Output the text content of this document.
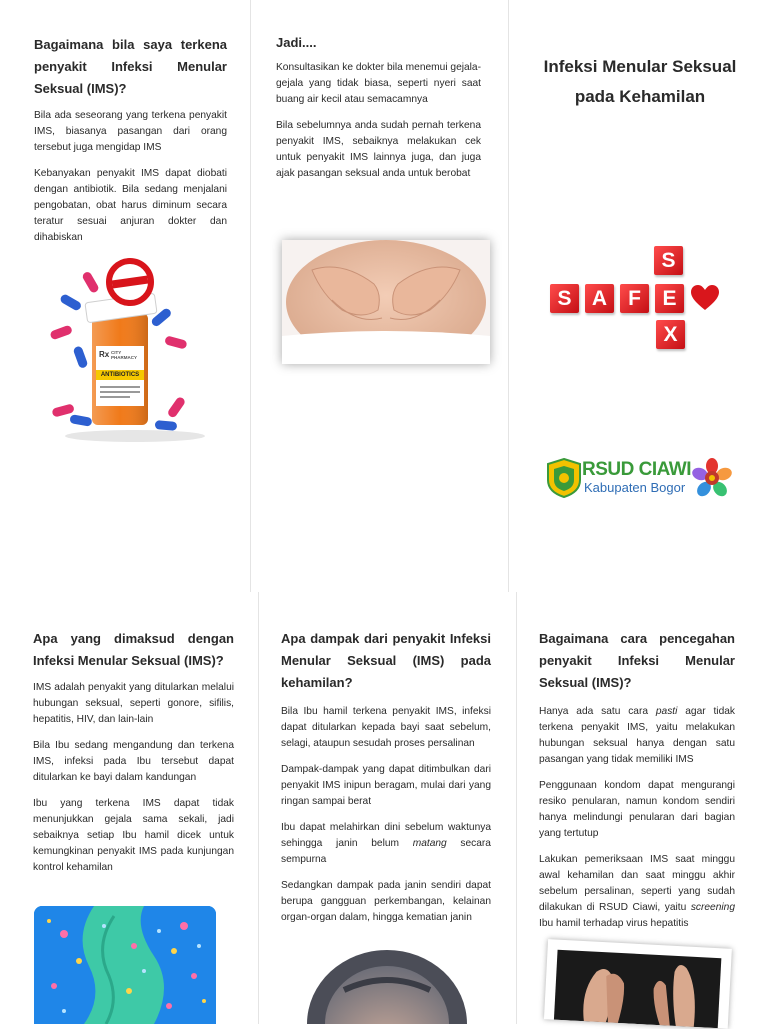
Bagaimana bila saya terkena penyakit Infeksi Menular Seksual (IMS)?

Bila ada seseorang yang terkena penyakit IMS, biasanya pasangan dari orang tersebut juga mengidap IMS

Kebanyakan penyakit IMS dapat diobati dengan antibiotik. Bila sedang menjalani pengobatan, obat harus diminum secara teratur sesuai anjuran dokter dan dihabiskan

Rx CITY PHARMACY
ANTIBIOTICS

Jadi....

Konsultasikan ke dokter bila menemui gejala-gejala yang tidak biasa, seperti nyeri saat buang air kecil atau semacamnya

Bila sebelumnya anda sudah pernah terkena penyakit IMS, sebaiknya melakukan cek untuk penyakit IMS lainnya juga, dan juga ajak pasangan seksual anda untuk berobat

Infeksi Menular Seksual pada Kehamilan

S
S A	F	E
X
RSUD CIAWI
Kabupaten Bogor

Apa yang dimaksud dengan Infeksi Menular Seksual (IMS)?

IMS adalah penyakit yang ditularkan melalui hubungan seksual, seperti gonore, sifilis, hepatitis, HIV, dan lain-lain

Bila Ibu sedang mengandung dan terkena IMS, infeksi pada Ibu tersebut dapat ditularkan ke bayi dalam kandungan

Ibu yang terkena IMS dapat tidak menunjukkan gejala sama sekali, jadi sebaiknya setiap Ibu hamil dicek untuk kemungkinan penyakit IMS pada kunjungan kontrol kehamilan

Apa dampak dari penyakit Infeksi Menular Seksual (IMS) pada kehamilan?

Bila Ibu hamil terkena penyakit IMS, infeksi dapat ditularkan kepada bayi saat sebelum, selagi, ataupun sesudah proses persalinan

Dampak-dampak yang dapat ditimbulkan dari penyakit IMS inipun beragam, mulai dari yang ringan sampai berat

Ibu dapat melahirkan dini sebelum waktunya sehingga janin belum matang secara sempurna

Sedangkan dampak pada janin sendiri dapat berupa gangguan perkembangan, kelainan organ-organ dalam, hingga kematian janin

Bagaimana cara pencegahan penyakit Infeksi Menular Seksual (IMS)?

Hanya ada satu cara pasti agar tidak terkena penyakit IMS, yaitu melakukan hubungan seksual hanya dengan satu pasangan yang tidak memiliki IMS

Penggunaan kondom dapat mengurangi resiko penularan, namun kondom sendiri hanya melindungi penularan dari bagian yang tertutup

Lakukan pemeriksaan IMS saat minggu awal kehamilan dan saat minggu akhir sebelum persalinan, seperti yang sudah dilakukan di RSUD Ciawi, yaitu screening Ibu hamil terhadap virus hepatitis
